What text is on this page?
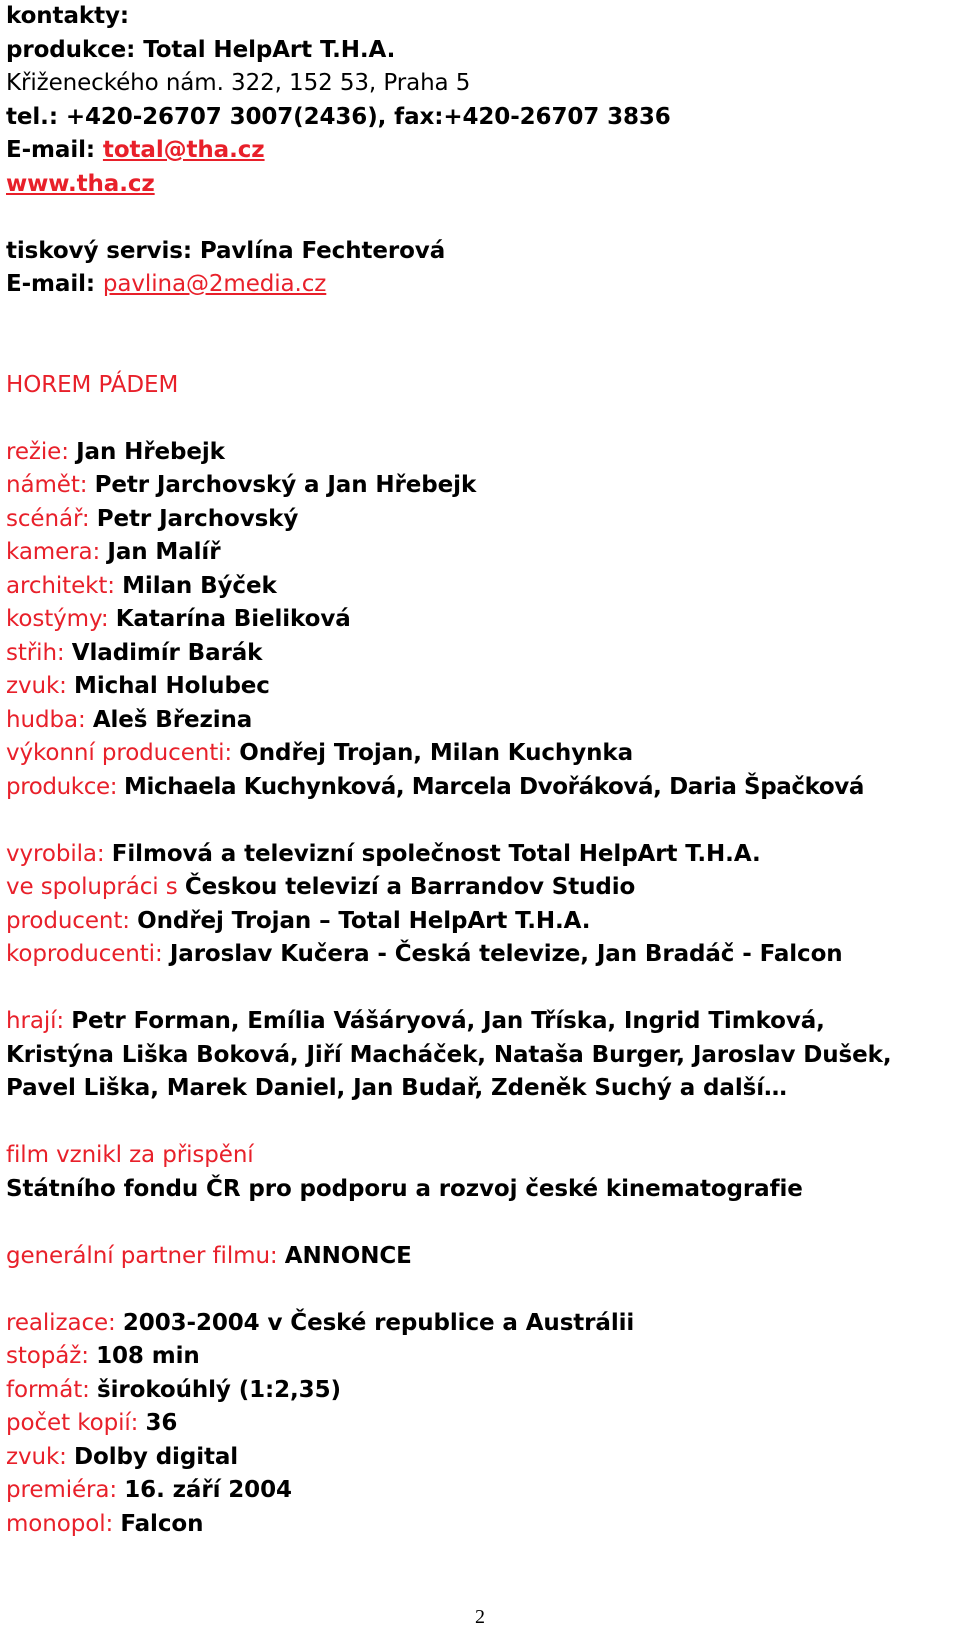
kontakty:
produkce: Total HelpArt T.H.A.
Křiženeckého nám. 322, 152 53, Praha 5
tel.: +420-26707 3007(2436), fax:+420-26707 3836
E-mail: total@tha.cz
www.tha.cz
tiskový servis: Pavlína Fechterová
E-mail: pavlina@2media.cz
HOREM PÁDEM
režie: Jan Hřebejk
námět: Petr Jarchovský a Jan Hřebejk
scénář: Petr Jarchovský
kamera: Jan Malíř
architekt: Milan Býček
kostýmy: Katarína Bieliková
střih: Vladimír Barák
zvuk: Michal Holubec
hudba: Aleš Březina
výkonní producenti: Ondřej Trojan, Milan Kuchynka
produkce: Michaela Kuchynková, Marcela Dvořáková, Daria Špačková
vyrobila: Filmová a televizní společnost Total HelpArt T.H.A.
ve spolupráci s Českou televizí a Barrandov Studio
producent: Ondřej Trojan – Total HelpArt T.H.A.
koproducenti: Jaroslav Kučera - Česká televize, Jan Bradáč - Falcon
hrají: Petr Forman, Emília Vášáryová, Jan Tříska, Ingrid Timková,
Kristýna Liška Boková, Jiří Macháček, Nataša Burger, Jaroslav Dušek,
Pavel Liška, Marek Daniel, Jan Budař, Zdeněk Suchý a další…
film vznikl za přispění
Státního fondu ČR pro podporu a rozvoj české kinematografie
generální partner filmu: ANNONCE
realizace: 2003-2004 v České republice a Austrálii
stopáž: 108 min
formát: širokoúhlý (1:2,35)
počet kopií: 36
zvuk: Dolby digital
premiéra: 16. září 2004
monopol: Falcon
2
